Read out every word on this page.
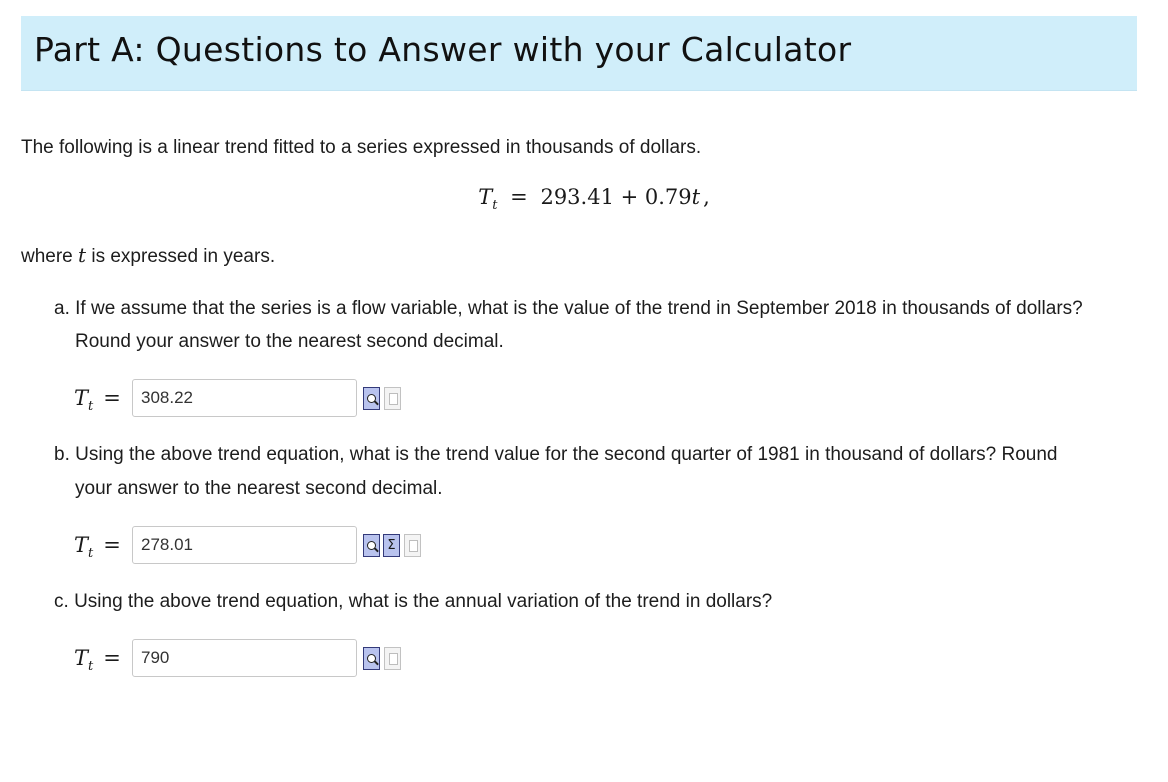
Part A: Questions to Answer with your Calculator
The following is a linear trend fitted to a series expressed in thousands of dollars.
$T_t = 293.41 + 0.79t$ ,
where t is expressed in years.
a. If we assume that the series is a flow variable, what is the value of the trend in September 2018 in thousands of dollars?
Round your answer to the nearest second decimal.
$T_t$ =
308.22
b. Using the above trend equation, what is the trend value for the second quarter of 1981 in thousand of dollars? Round
your answer to the nearest second decimal.
$T_t$ =
278.01	Σ
c. Using the above trend equation, what is the annual variation of the trend in dollars?
$T_t$ =
790
